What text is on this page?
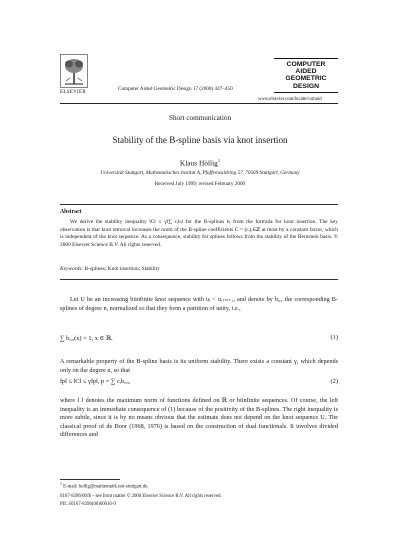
ELSEVIER
Computer Aided Geometric Design 17 (2000) 447–450
COMPUTER
AIDED
GEOMETRIC
DESIGN
www.elsevier.com/locate/comaid
Short communication
Stability of the B-spline basis via knot insertion
Klaus Höllig$^1$
Universität Stuttgart, Mathematisches Institut A, Pfaffenwaldring 57, 70569 Stuttgart, Germany
Received July 1999; revised February 2000
Abstract
We derive the stability inequality ‖C‖ ≤ γ‖∑ cᵢbᵢ‖ for the B-splines bᵢ from the formula for knot insertion. The key observation is that knot removal increases the norm of the B-spline coefficients C = (cᵢ)ᵢ∈ℤ at most by a constant factor, which is independent of the knot sequence. As a consequence, stability for splines follows from the stability of the Bernstein basis. © 2000 Elsevier Science B.V. All rights reserved.
Keywords: B-splines; Knot insertion; Stability
Let U be an increasing biinfinite knot sequence with uᵢ < uᵢ₊ₙ₊₁, and denote by bᵢ,ᵤ the corresponding B-splines of degree n, normalized so that they form a partition of unity, i.e.,
∑ bᵢ,ᵤ(x) = 1, x ∈ ℝ.	(1)
A remarkable property of the B-spline basis is its uniform stability. There exists a constant γ, which depends only on the degree n, so that
‖p‖ ≤ ‖C‖ ≤ γ‖p‖, p = ∑ cᵢbᵢ,ᵤ,	(2)
where ‖ ‖ denotes the maximum norm of functions defined on ℝ or biinfinite sequences. Of course, the left inequality is an immediate consequence of (1) because of the positivity of the B-splines. The right inequality is more subtle, since it is by no means obvious that the estimate does not depend on the knot sequence U. The classical proof of de Boor (1968, 1976) is based on the construction of dual functionals. It involves divided differences and
$^1$ E-mail: hollig@mathematik.uni-stuttgart.de.
0167-8396/00/$ – see front matter © 2000 Elsevier Science B.V. All rights reserved.
PII: S0167-8396(00)00016-9
